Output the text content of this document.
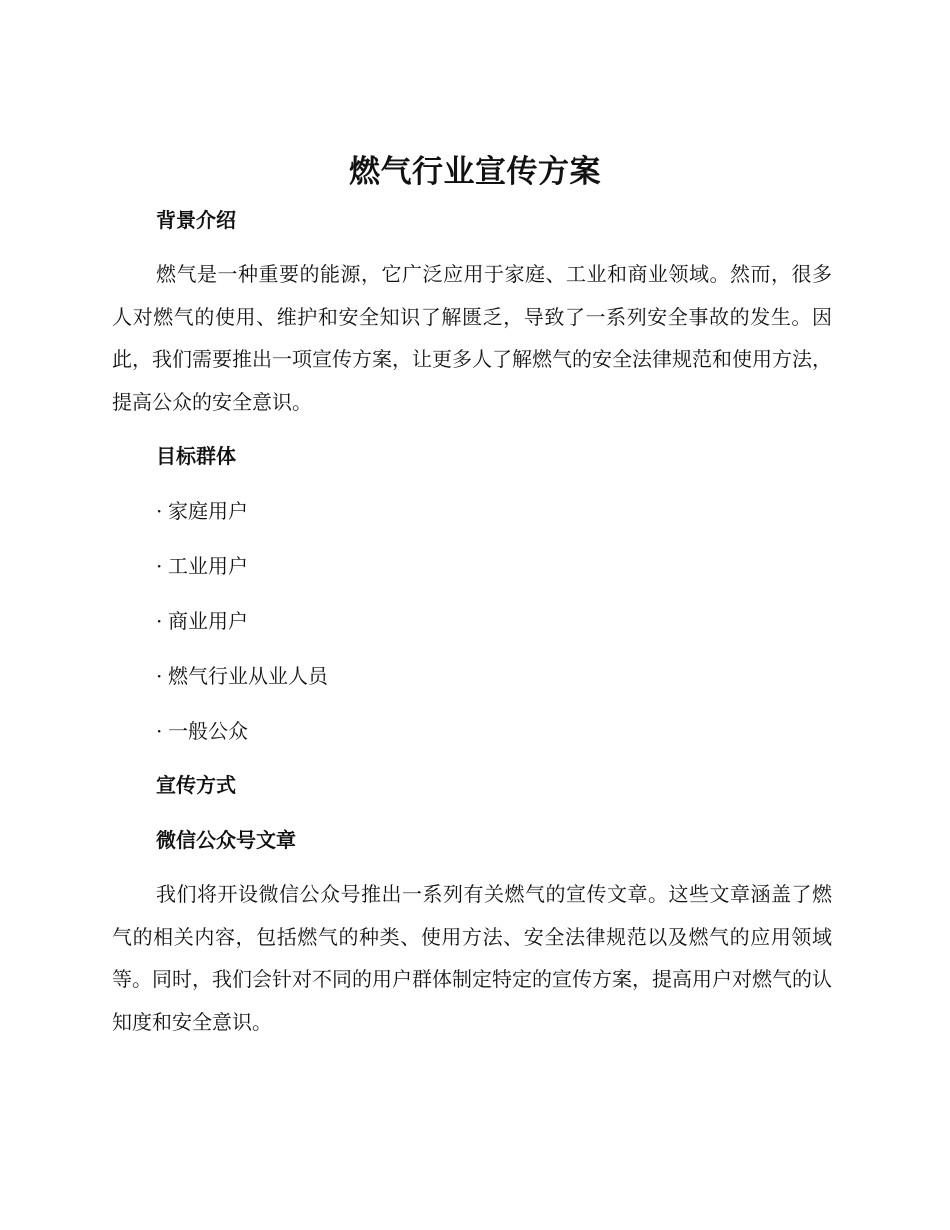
燃气行业宣传方案
背景介绍

燃气是一种重要的能源，它广泛应用于家庭、工业和商业领域。然而，很多人对燃气的使用、维护和安全知识了解匮乏，导致了一系列安全事故的发生。因此，我们需要推出一项宣传方案，让更多人了解燃气的安全法律规范和使用方法，提高公众的安全意识。

目标群体
· 家庭用户
· 工业用户
· 商业用户
· 燃气行业从业人员
· 一般公众
宣传方式
微信公众号文章

我们将开设微信公众号推出一系列有关燃气的宣传文章。这些文章涵盖了燃气的相关内容，包括燃气的种类、使用方法、安全法律规范以及燃气的应用领域等。同时，我们会针对不同的用户群体制定特定的宣传方案，提高用户对燃气的认知度和安全意识。
